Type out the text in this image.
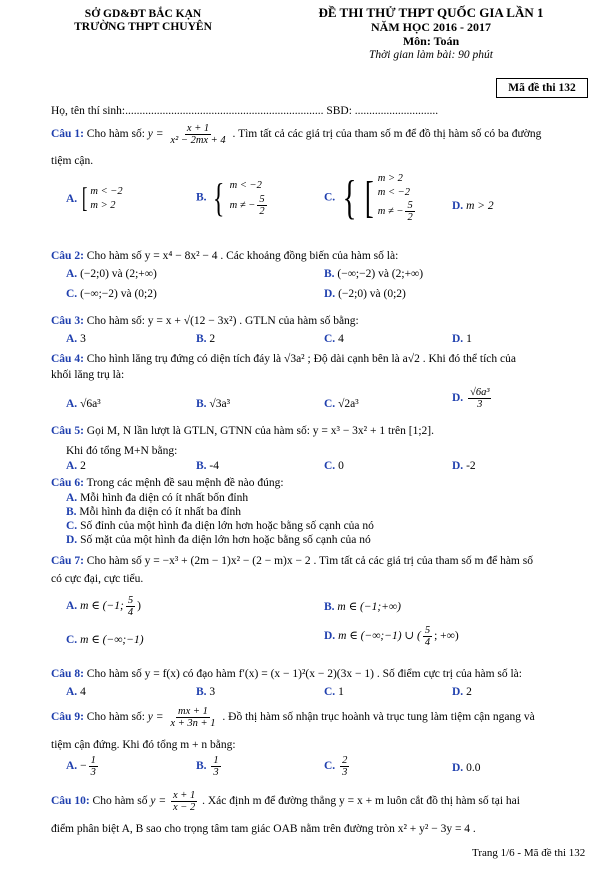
SỞ GD&ĐT BẮC KẠN
TRƯỜNG THPT CHUYÊN
ĐỀ THI THỬ THPT QUỐC GIA LẦN 1
NĂM HỌC 2016 - 2017
Môn: Toán
Thời gian làm bài: 90 phút
Mã đề thi 132
Họ, tên thí sinh:..................................................................... SBD: .............................
Câu 1: Cho hàm số: $y = \frac{x + 1}{\text{x² − 2mx + 4}}$ . Tìm tất cả các giá trị của tham số m để đồ thị hàm số có ba đường
tiệm cận.
A. [ m < −2
m > 2
B. { m < −2
m ≠ − $\frac{5}{2}$	C. { [ m > 2
m < −2
m ≠ − $\frac{5}{2}$	D. m > 2
Câu 2: Cho hàm số y = x⁴ − 8x² − 4 . Các khoảng đồng biến của hàm số là:
A. (−2;0) và (2;+∞)	B. (−∞;−2) và (2;+∞)
C. (−∞;−2) và (0;2)	D. (−2;0) và (0;2)
Câu 3: Cho hàm số: y = x + √(12 − 3x²) . GTLN của hàm số bằng:
A. 3	B. 2	C. 4	D. 1
Câu 4: Cho hình lăng trụ đứng có diện tích đáy là √3a² ; Độ dài cạnh bên là a√2 . Khi đó thể tích của
khối lăng trụ là:
A. √6a³	B. √3a³	C. √2a³	D. $\frac{\text{√6a³}}{3}$
Câu 5: Gọi M, N lần lượt là GTLN, GTNN của hàm số: y = x³ − 3x² + 1 trên [1;2].
Khi đó tổng M+N bằng:
A. 2	B. -4	C. 0	D. -2
Câu 6: Trong các mệnh đề sau mệnh đề nào đúng:
A. Mỗi hình đa diện có ít nhất bốn đỉnh
B. Mỗi hình đa diện có ít nhất ba đỉnh
C. Số đỉnh của một hình đa diện lớn hơn hoặc bằng số cạnh của nó
D. Số mặt của một hình đa diện lớn hơn hoặc bằng số cạnh của nó
Câu 7: Cho hàm số y = −x³ + (2m − 1)x² − (2 − m)x − 2 . Tìm tất cả các giá trị của tham số m để hàm số
có cực đại, cực tiểu.
A. m ∈ (−1; $\frac{5}{4}$ )	B. m ∈ (−1;+∞)
C. m ∈ (−∞;−1)	D. m ∈ (−∞;−1) ∪ ( $\frac{5}{4}$ ; +∞)
Câu 8: Cho hàm số y = f(x) có đạo hàm f′(x) = (x − 1)²(x − 2)(3x − 1) . Số điểm cực trị của hàm số là:
A. 4	B. 3	C. 1	D. 2
Câu 9: Cho hàm số: $y = \frac{mx + 1}{x + 3n + 1}$ . Đồ thị hàm số nhận trục hoành và trục tung làm tiệm cận ngang và
tiệm cận đứng. Khi đó tổng m + n bằng:
A. − $\frac{1}{3}$	B. $\frac{1}{3}$	C. $\frac{2}{3}$	D. 0.0
Câu 10: Cho hàm số $y = \frac{x + 1}{x - 2}$ . Xác định m để đường thẳng y = x + m luôn cắt đồ thị hàm số tại hai
điểm phân biệt A, B sao cho trọng tâm tam giác OAB nằm trên đường tròn x² + y² − 3y = 4 .
Trang 1/6 - Mã đề thi 132
